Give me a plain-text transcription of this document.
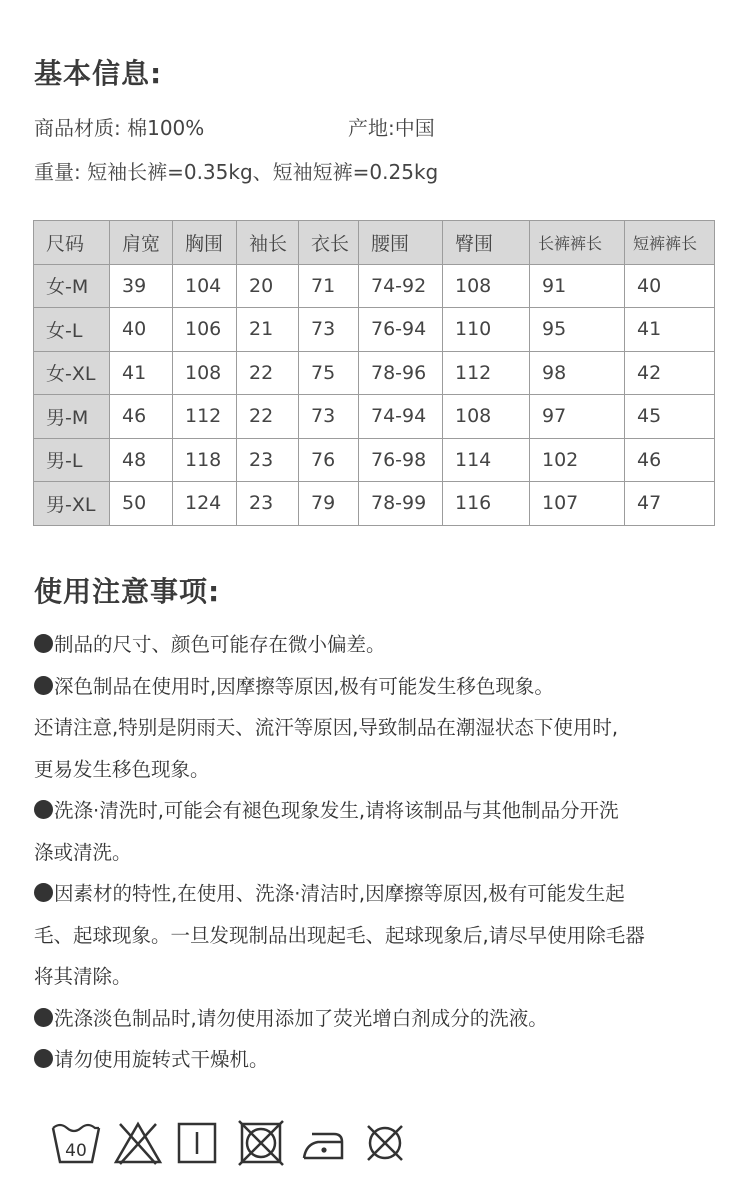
基本信息:
商品材质: 棉100%	产地:中国
重量: 短袖长裤=0.35kg、短袖短裤=0.25kg
尺码	肩宽	胸围	袖长	衣长	腰围	臀围	长裤裤长	短裤裤长
女-M	39	104	20	71	74-92	108	91	40
女-L	40	106	21	73	76-94	110	95	41
女-XL	41	108	22	75	78-96	112	98	42
男-M	46	112	22	73	74-94	108	97	45
男-L	48	118	23	76	76-98	114	102	46
男-XL	50	124	23	79	78-99	116	107	47
使用注意事项:

制品的尺寸、颜色可能存在微小偏差。

深色制品在使用时,因摩擦等原因,极有可能发生移色现象。

还请注意,特别是阴雨天、流汗等原因,导致制品在潮湿状态下使用时,

更易发生移色现象。

洗涤·清洗时,可能会有褪色现象发生,请将该制品与其他制品分开洗

涤或清洗。

因素材的特性,在使用、洗涤·清洁时,因摩擦等原因,极有可能发生起

毛、起球现象。一旦发现制品出现起毛、起球现象后,请尽早使用除毛器

将其清除。

洗涤淡色制品时,请勿使用添加了荧光增白剂成分的洗液。

请勿使用旋转式干燥机。

40
